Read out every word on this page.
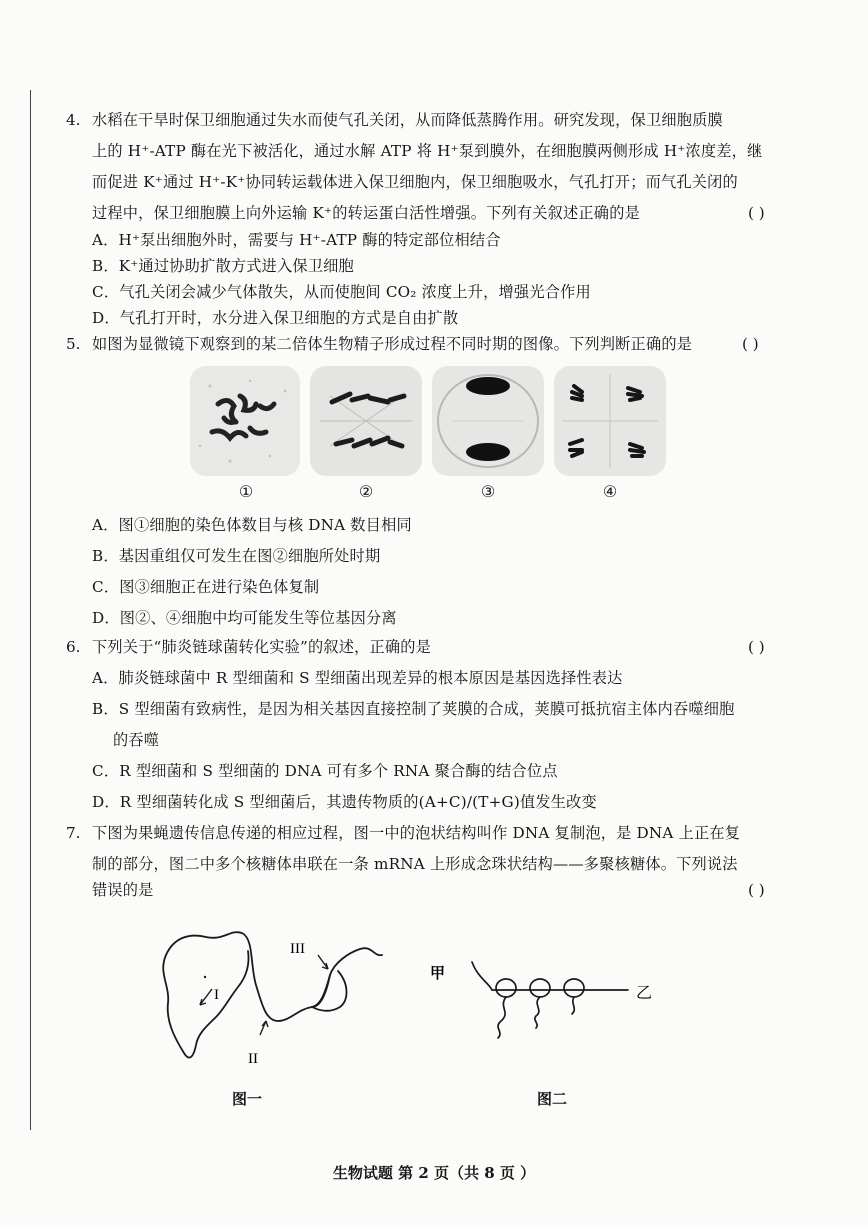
4. 水稻在干旱时保卫细胞通过失水而使气孔关闭，从而降低蒸腾作用。研究发现，保卫细胞质膜
上的 H⁺-ATP 酶在光下被活化，通过水解 ATP 将 H⁺泵到膜外，在细胞膜两侧形成 H⁺浓度差，继
而促进 K⁺通过 H⁺-K⁺协同转运载体进入保卫细胞内，保卫细胞吸水，气孔打开；而气孔关闭的
过程中，保卫细胞膜上向外运输 K⁺的转运蛋白活性增强。下列有关叙述正确的是	( )
A．H⁺泵出细胞外时，需要与 H⁺-ATP 酶的特定部位相结合
B．K⁺通过协助扩散方式进入保卫细胞
C．气孔关闭会减少气体散失，从而使胞间 CO₂ 浓度上升，增强光合作用
D．气孔打开时，水分进入保卫细胞的方式是自由扩散
5. 如图为显微镜下观察到的某二倍体生物精子形成过程不同时期的图像。下列判断正确的是	( )
①	②	③	④
A．图①细胞的染色体数目与核 DNA 数目相同
B．基因重组仅可发生在图②细胞所处时期
C．图③细胞正在进行染色体复制
D．图②、④细胞中均可能发生等位基因分离
6. 下列关于“肺炎链球菌转化实验”的叙述，正确的是	( )
A．肺炎链球菌中 R 型细菌和 S 型细菌出现差异的根本原因是基因选择性表达
B．S 型细菌有致病性，是因为相关基因直接控制了荚膜的合成，荚膜可抵抗宿主体内吞噬细胞
的吞噬
C．R 型细菌和 S 型细菌的 DNA 可有多个 RNA 聚合酶的结合位点
D．R 型细菌转化成 S 型细菌后，其遗传物质的(A+C)/(T+G)值发生改变
7. 下图为果蝇遗传信息传递的相应过程，图一中的泡状结构叫作 DNA 复制泡，是 DNA 上正在复
制的部分，图二中多个核糖体串联在一条 mRNA 上形成念珠状结构——多聚核糖体。下列说法
错误的是	( )
III
I
II
图一
甲
乙
图二
生物试题 第 2 页（共 8 页 ）
